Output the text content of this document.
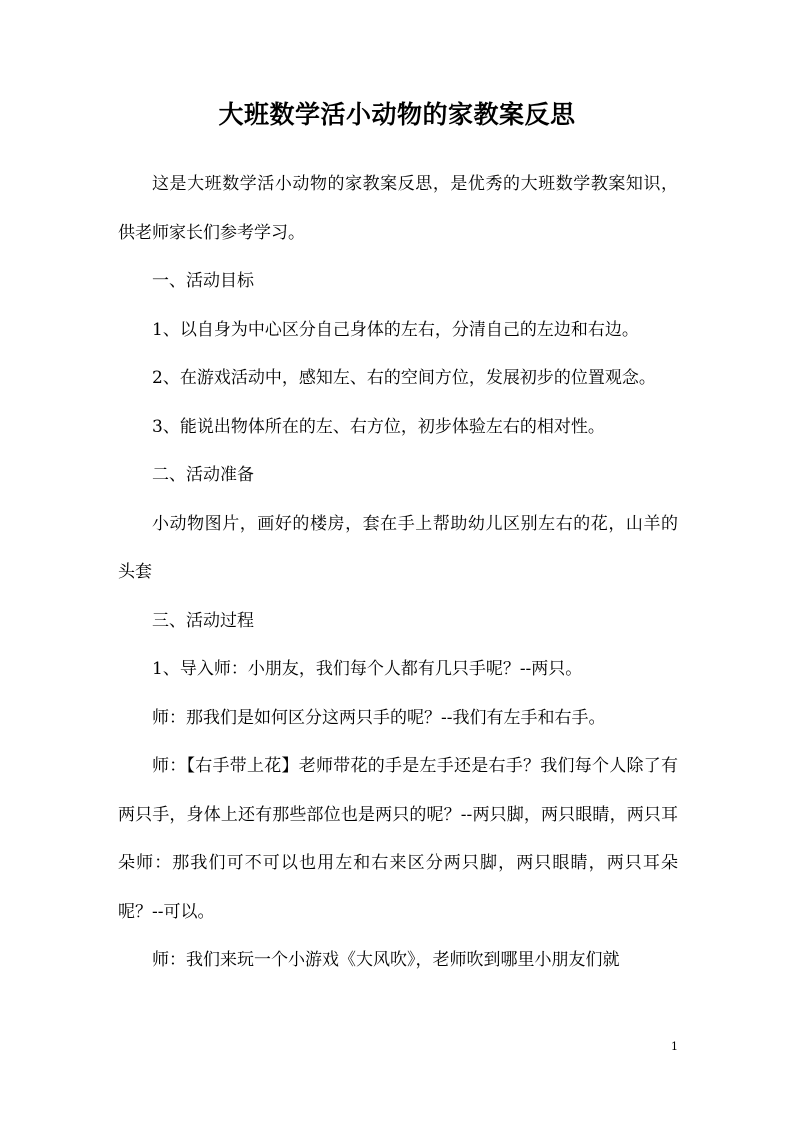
大班数学活小动物的家教案反思

这是大班数学活小动物的家教案反思，是优秀的大班数学教案知识，供老师家长们参考学习。

一、活动目标

1、以自身为中心区分自己身体的左右，分清自己的左边和右边。

2、在游戏活动中，感知左、右的空间方位，发展初步的位置观念。

3、能说出物体所在的左、右方位，初步体验左右的相对性。

二、活动准备

小动物图片，画好的楼房，套在手上帮助幼儿区别左右的花，山羊的头套

三、活动过程

1、导入师：小朋友，我们每个人都有几只手呢？--两只。

师：那我们是如何区分这两只手的呢？--我们有左手和右手。

师：【右手带上花】老师带花的手是左手还是右手？我们每个人除了有两只手，身体上还有那些部位也是两只的呢？--两只脚，两只眼睛，两只耳朵师：那我们可不可以也用左和右来区分两只脚，两只眼睛，两只耳朵呢？--可以。

师：我们来玩一个小游戏《大风吹》，老师吹到哪里小朋友们就

1
